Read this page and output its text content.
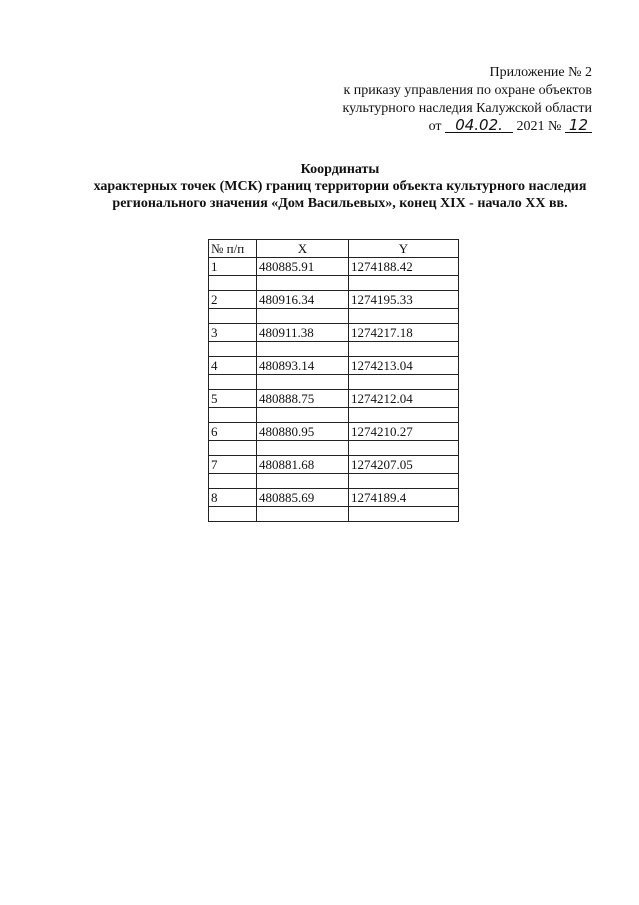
Приложение № 2
к приказу управления по охране объектов
культурного наследия Калужской области
от 04.02. 2021 № 12
Координаты
характерных точек (МСК) границ территории объекта культурного наследия
регионального значения «Дом Васильевых», конец XIX - начало XX вв.
№ п/п	X	Y
1	480885.91	1274188.42

2	480916.34	1274195.33

3	480911.38	1274217.18

4	480893.14	1274213.04

5	480888.75	1274212.04

6	480880.95	1274210.27

7	480881.68	1274207.05

8	480885.69	1274189.4
